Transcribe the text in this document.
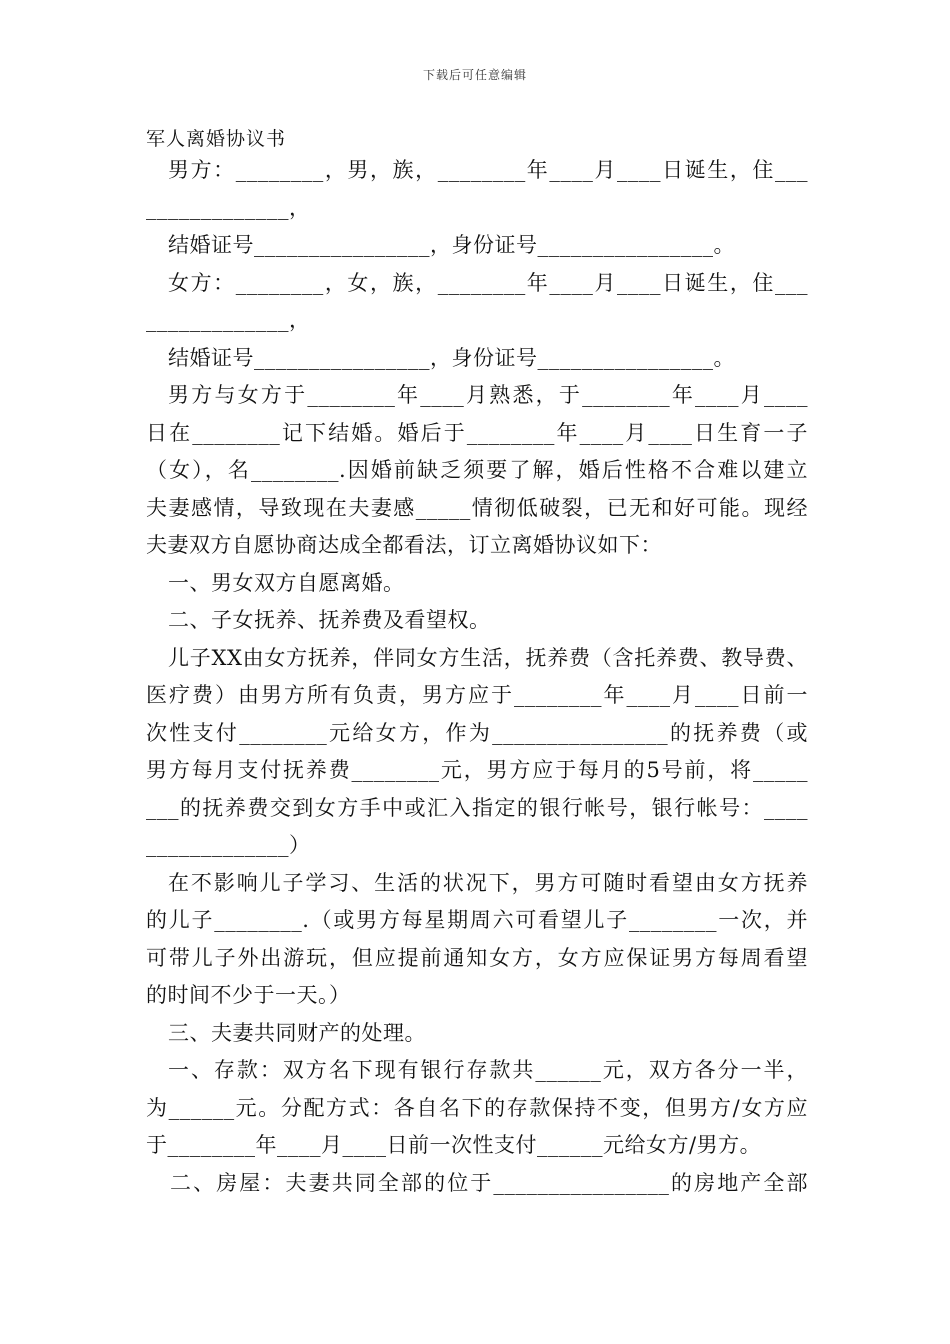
下载后可任意编辑
军人离婚协议书
男方：________，男，族，________年____月____日诞生，住___
_____________，
结婚证号________________，身份证号________________。
女方：________，女，族，________年____月____日诞生，住___
_____________，
结婚证号________________，身份证号________________。
男方与女方于________年____月熟悉，于________年____月____
日在________记下结婚。婚后于________年____月____日生育一子
（女），名________.因婚前缺乏须要了解，婚后性格不合难以建立
夫妻感情，导致现在夫妻感_____情彻低破裂，已无和好可能。现经
夫妻双方自愿协商达成全都看法，订立离婚协议如下：
一、男女双方自愿离婚。
二、子女抚养、抚养费及看望权。
儿子XX由女方抚养，伴同女方生活，抚养费（含托养费、教导费、
医疗费）由男方所有负责，男方应于________年____月____日前一
次性支付________元给女方，作为________________的抚养费（或
男方每月支付抚养费________元，男方应于每月的5号前，将_____
___的抚养费交到女方手中或汇入指定的银行帐号，银行帐号：____
_____________）
在不影响儿子学习、生活的状况下，男方可随时看望由女方抚养
的儿子________.（或男方每星期周六可看望儿子________一次，并
可带儿子外出游玩，但应提前通知女方，女方应保证男方每周看望
的时间不少于一天。）
三、夫妻共同财产的处理。
一、存款：双方名下现有银行存款共______元，双方各分一半，
为______元。分配方式：各自名下的存款保持不变，但男方/女方应
于________年____月____日前一次性支付______元给女方/男方。
二、房屋：夫妻共同全部的位于________________的房地产全部
